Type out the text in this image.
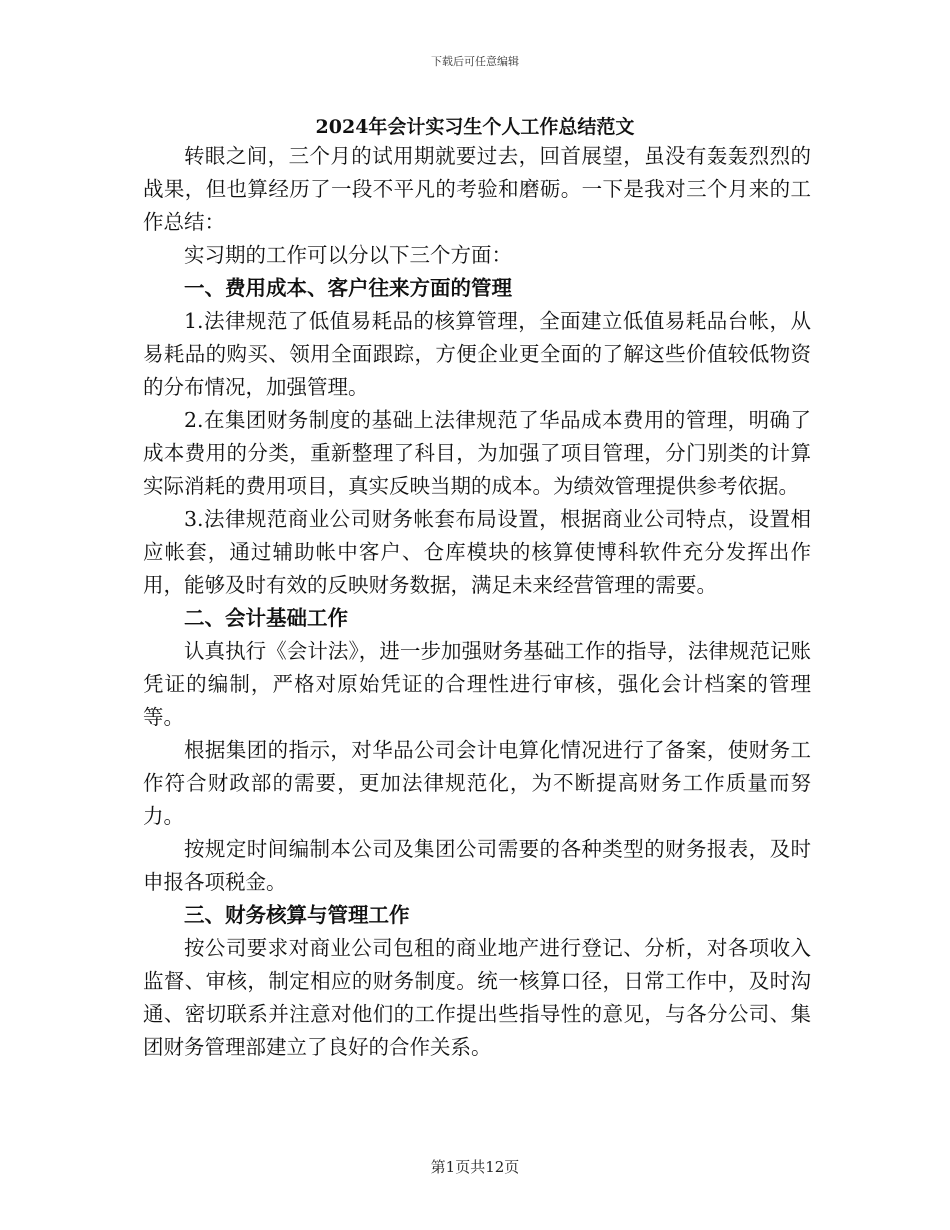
下载后可任意编辑
2024年会计实习生个人工作总结范文

转眼之间，三个月的试用期就要过去，回首展望，虽没有轰轰烈烈的战果，但也算经历了一段不平凡的考验和磨砺。一下是我对三个月来的工作总结：

实习期的工作可以分以下三个方面：

一、费用成本、客户往来方面的管理

1.法律规范了低值易耗品的核算管理，全面建立低值易耗品台帐，从易耗品的购买、领用全面跟踪，方便企业更全面的了解这些价值较低物资的分布情况，加强管理。

2.在集团财务制度的基础上法律规范了华品成本费用的管理，明确了成本费用的分类，重新整理了科目，为加强了项目管理，分门别类的计算实际消耗的费用项目，真实反映当期的成本。为绩效管理提供参考依据。

3.法律规范商业公司财务帐套布局设置，根据商业公司特点，设置相应帐套，通过辅助帐中客户、仓库模块的核算使博科软件充分发挥出作用，能够及时有效的反映财务数据，满足未来经营管理的需要。

二、会计基础工作

认真执行《会计法》，进一步加强财务基础工作的指导，法律规范记账凭证的编制，严格对原始凭证的合理性进行审核，强化会计档案的管理等。

根据集团的指示，对华品公司会计电算化情况进行了备案，使财务工作符合财政部的需要，更加法律规范化，为不断提高财务工作质量而努力。

按规定时间编制本公司及集团公司需要的各种类型的财务报表，及时申报各项税金。

三、财务核算与管理工作

按公司要求对商业公司包租的商业地产进行登记、分析，对各项收入监督、审核，制定相应的财务制度。统一核算口径，日常工作中，及时沟通、密切联系并注意对他们的工作提出些指导性的意见，与各分公司、集团财务管理部建立了良好的合作关系。

第1页共12页
